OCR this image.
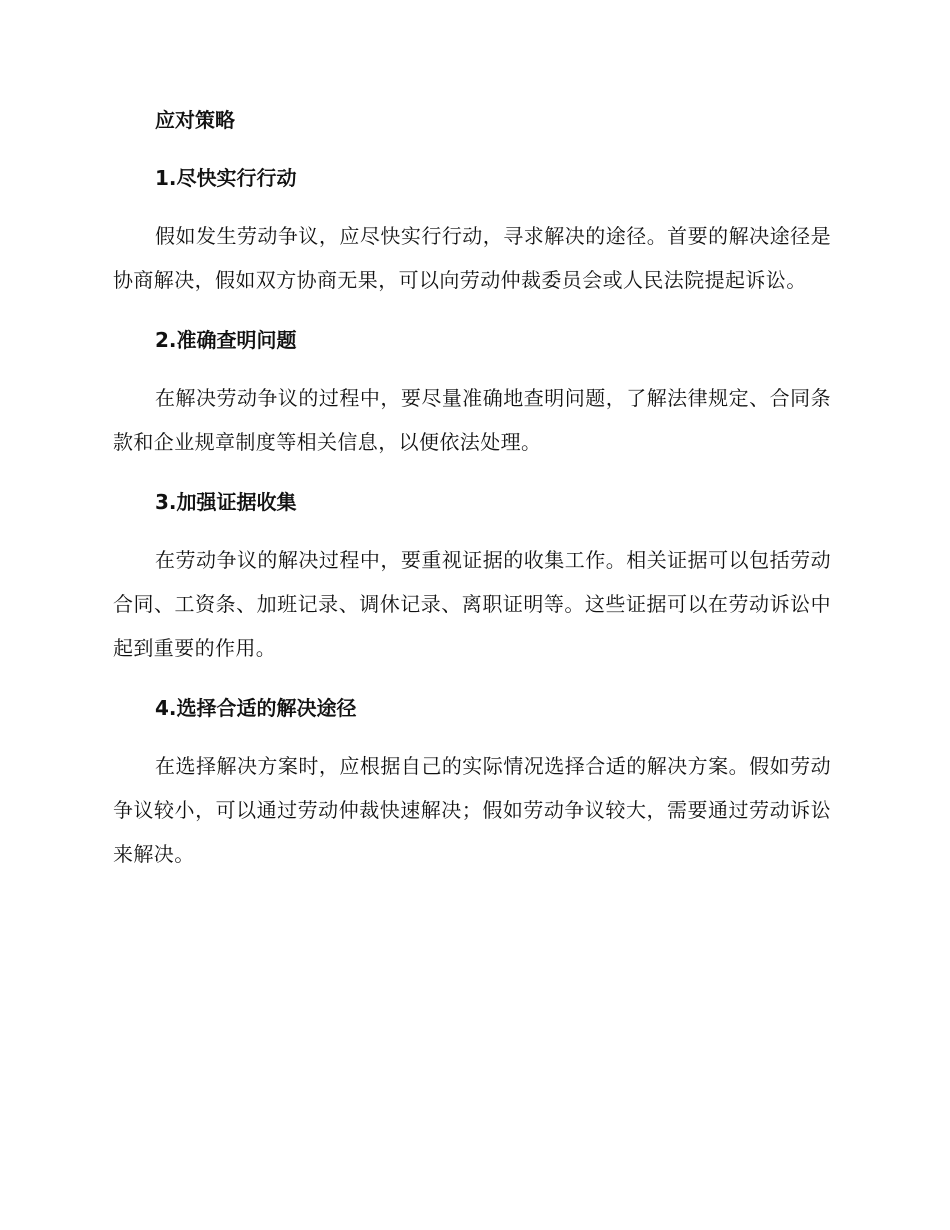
应对策略

1.尽快实行行动

假如发生劳动争议，应尽快实行行动，寻求解决的途径。首要的解决途径是协商解决，假如双方协商无果，可以向劳动仲裁委员会或人民法院提起诉讼。

2.准确查明问题

在解决劳动争议的过程中，要尽量准确地查明问题，了解法律规定、合同条款和企业规章制度等相关信息，以便依法处理。

3.加强证据收集

在劳动争议的解决过程中，要重视证据的收集工作。相关证据可以包括劳动合同、工资条、加班记录、调休记录、离职证明等。这些证据可以在劳动诉讼中起到重要的作用。

4.选择合适的解决途径

在选择解决方案时，应根据自己的实际情况选择合适的解决方案。假如劳动争议较小，可以通过劳动仲裁快速解决；假如劳动争议较大，需要通过劳动诉讼来解决。
